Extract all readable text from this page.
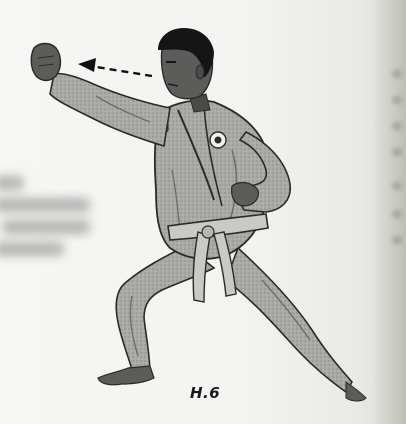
H.6
